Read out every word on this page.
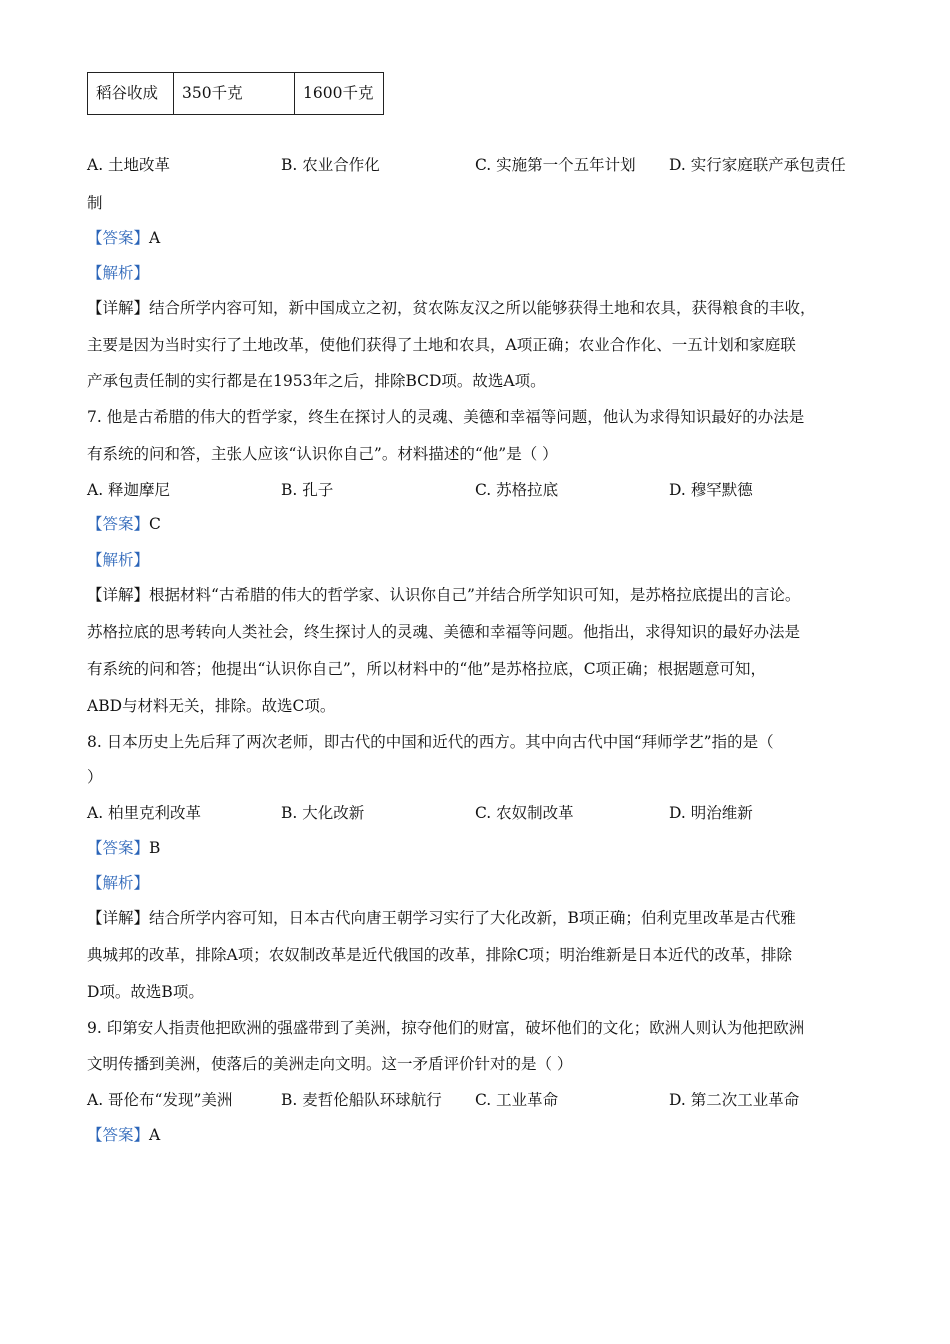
稻谷收成	350千克	1600千克
A. 土地改革	B. 农业合作化	C. 实施第一个五年计划 D. 实行家庭联产承包责任
制
【答案】A
【解析】
【详解】结合所学内容可知，新中国成立之初，贫农陈友汉之所以能够获得土地和农具，获得粮食的丰收，
主要是因为当时实行了土地改革，使他们获得了土地和农具，A项正确；农业合作化、一五计划和家庭联
产承包责任制的实行都是在1953年之后，排除BCD项。故选A项。
7. 他是古希腊的伟大的哲学家，终生在探讨人的灵魂、美德和幸福等问题，他认为求得知识最好的办法是
有系统的问和答，主张人应该“认识你自己”。材料描述的“他”是（ ）
A. 释迦摩尼	B. 孔子	C. 苏格拉底	D. 穆罕默德
【答案】C
【解析】
【详解】根据材料“古希腊的伟大的哲学家、认识你自己”并结合所学知识可知，是苏格拉底提出的言论。
苏格拉底的思考转向人类社会，终生探讨人的灵魂、美德和幸福等问题。他指出，求得知识的最好办法是
有系统的问和答；他提出“认识你自己”，所以材料中的“他”是苏格拉底，C项正确；根据题意可知，
ABD与材料无关，排除。故选C项。
8. 日本历史上先后拜了两次老师，即古代的中国和近代的西方。其中向古代中国“拜师学艺”指的是（
）
A. 柏里克利改革	B. 大化改新	C. 农奴制改革	D. 明治维新
【答案】B
【解析】
【详解】结合所学内容可知，日本古代向唐王朝学习实行了大化改新，B项正确；伯利克里改革是古代雅
典城邦的改革，排除A项；农奴制改革是近代俄国的改革，排除C项；明治维新是日本近代的改革，排除
D项。故选B项。
9. 印第安人指责他把欧洲的强盛带到了美洲，掠夺他们的财富，破坏他们的文化；欧洲人则认为他把欧洲
文明传播到美洲，使落后的美洲走向文明。这一矛盾评价针对的是（ ）
A. 哥伦布“发现”美洲	B. 麦哲伦船队环球航行 C. 工业革命	D. 第二次工业革命
【答案】A
